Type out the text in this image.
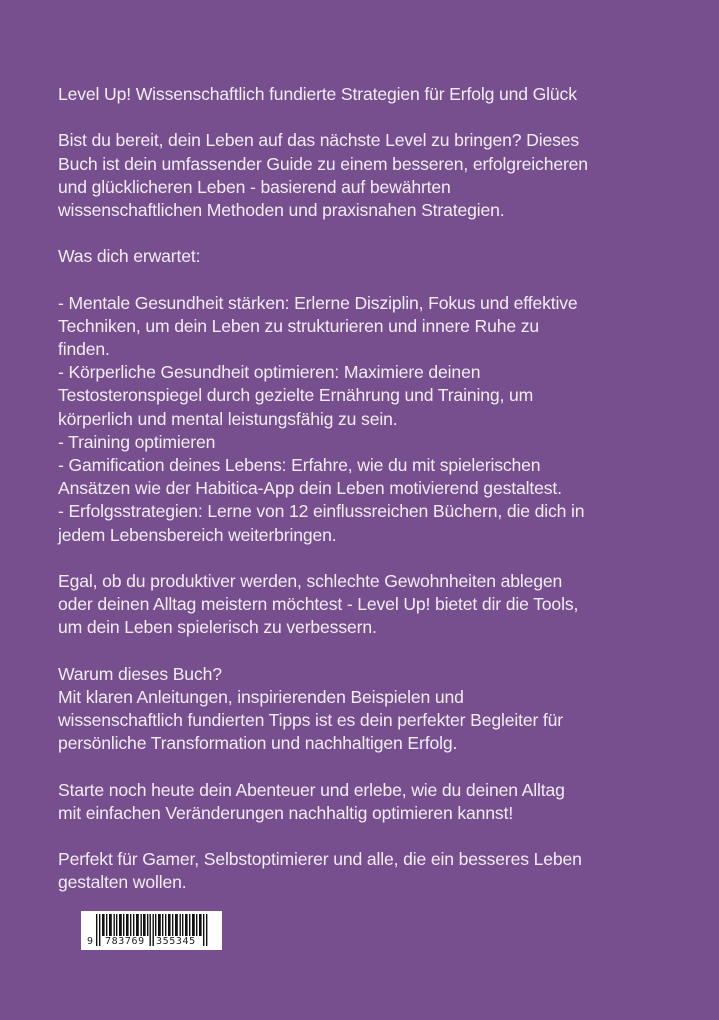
Level Up! Wissenschaftlich fundierte Strategien für Erfolg und Glück
Bist du bereit, dein Leben auf das nächste Level zu bringen? Dieses
Buch ist dein umfassender Guide zu einem besseren, erfolgreicheren
und glücklicheren Leben - basierend auf bewährten
wissenschaftlichen Methoden und praxisnahen Strategien.
Was dich erwartet:
- Mentale Gesundheit stärken: Erlerne Disziplin, Fokus und effektive
Techniken, um dein Leben zu strukturieren und innere Ruhe zu
finden.
- Körperliche Gesundheit optimieren: Maximiere deinen
Testosteronspiegel durch gezielte Ernährung und Training, um
körperlich und mental leistungsfähig zu sein.
- Training optimieren
- Gamification deines Lebens: Erfahre, wie du mit spielerischen
Ansätzen wie der Habitica-App dein Leben motivierend gestaltest.
- Erfolgsstrategien: Lerne von 12 einflussreichen Büchern, die dich in
jedem Lebensbereich weiterbringen.
Egal, ob du produktiver werden, schlechte Gewohnheiten ablegen
oder deinen Alltag meistern möchtest - Level Up! bietet dir die Tools,
um dein Leben spielerisch zu verbessern.
Warum dieses Buch?
Mit klaren Anleitungen, inspirierenden Beispielen und
wissenschaftlich fundierten Tipps ist es dein perfekter Begleiter für
persönliche Transformation und nachhaltigen Erfolg.
Starte noch heute dein Abenteuer und erlebe, wie du deinen Alltag
mit einfachen Veränderungen nachhaltig optimieren kannst!
Perfekt für Gamer, Selbstoptimierer und alle, die ein besseres Leben
gestalten wollen.
9 783769 355345
